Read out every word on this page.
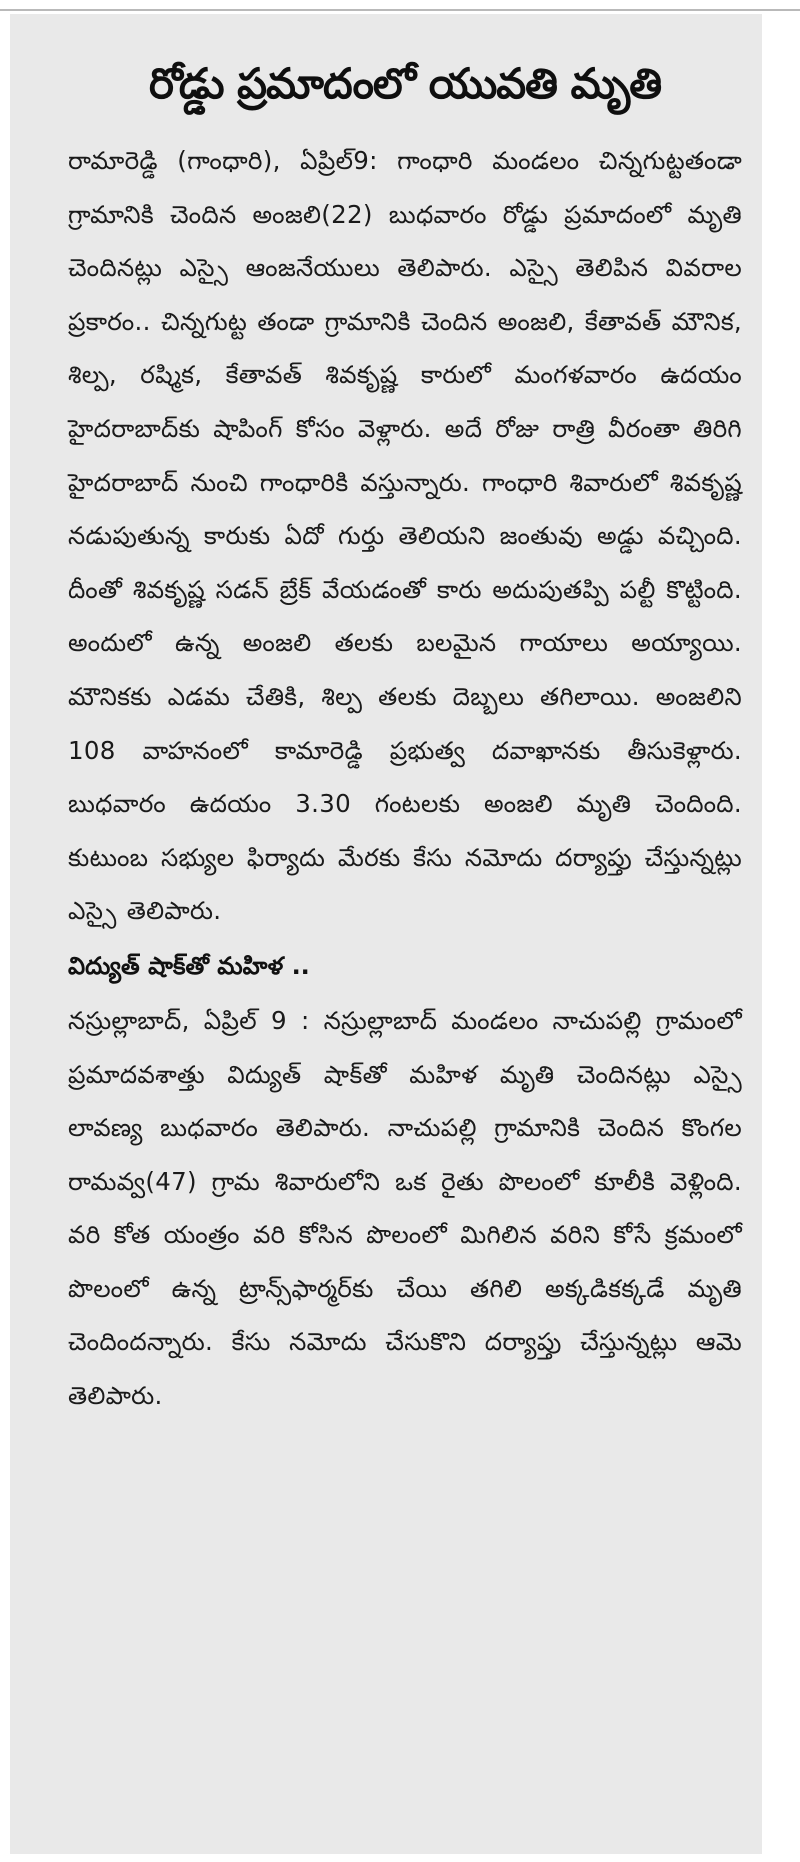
రోడ్డు ప్రమాదంలో యువతి మృతి

రామారెడ్డి (గాంధారి), ఏప్రిల్9: గాంధారి మండలం చిన్నగుట్టతండా గ్రామానికి చెందిన అంజలి(22) బుధవారం రోడ్డు ప్రమాదంలో మృతి చెందినట్లు ఎస్సై ఆంజనేయులు తెలిపారు. ఎస్సై తెలిపిన వివరాల ప్రకారం.. చిన్నగుట్ట తండా గ్రామానికి చెందిన అంజలి, కేతావత్ మౌనిక, శిల్ప, రష్మిక, కేతావత్ శివకృష్ణ కారులో మంగళవారం ఉదయం హైదరాబాద్‌కు షాపింగ్ కోసం వెళ్లారు. అదే రోజు రాత్రి వీరంతా తిరిగి హైదరాబాద్ నుంచి గాంధారికి వస్తున్నారు. గాంధారి శివారులో శివకృష్ణ నడుపుతున్న కారుకు ఏదో గుర్తు తెలియని జంతువు అడ్డు వచ్చింది. దీంతో శివకృష్ణ సడన్ బ్రేక్ వేయడంతో కారు అదుపుతప్పి పల్టీ కొట్టింది. అందులో ఉన్న అంజలి తలకు బలమైన గాయాలు అయ్యాయి. మౌనికకు ఎడమ చేతికి, శిల్ప తలకు దెబ్బలు తగిలాయి. అంజలిని 108 వాహనంలో కామారెడ్డి ప్రభుత్వ దవాఖానకు తీసుకెళ్లారు. బుధవారం ఉదయం 3.30 గంటలకు అంజలి మృతి చెందింది. కుటుంబ సభ్యుల ఫిర్యాదు మేరకు కేసు నమోదు దర్యాప్తు చేస్తున్నట్లు ఎస్సై తెలిపారు.

విద్యుత్ షాక్‌తో మహిళ ..

నస్రుల్లాబాద్, ఏప్రిల్ 9 : నస్రుల్లాబాద్ మండలం నాచుపల్లి గ్రామంలో ప్రమాదవశాత్తు విద్యుత్ షాక్‌తో మహిళ మృతి చెందినట్లు ఎస్సై లావణ్య బుధవారం తెలిపారు. నాచుపల్లి గ్రామానికి చెందిన కొంగల రామవ్వ(47) గ్రామ శివారులోని ఒక రైతు పొలంలో కూలీకి వెళ్లింది. వరి కోత యంత్రం వరి కోసిన పొలంలో మిగిలిన వరిని కోసే క్రమంలో పొలంలో ఉన్న ట్రాన్స్‌ఫార్మర్‌కు చేయి తగిలి అక్కడికక్కడే మృతి చెందిందన్నారు. కేసు నమోదు చేసుకొని దర్యాప్తు చేస్తున్నట్లు ఆమె తెలిపారు.
